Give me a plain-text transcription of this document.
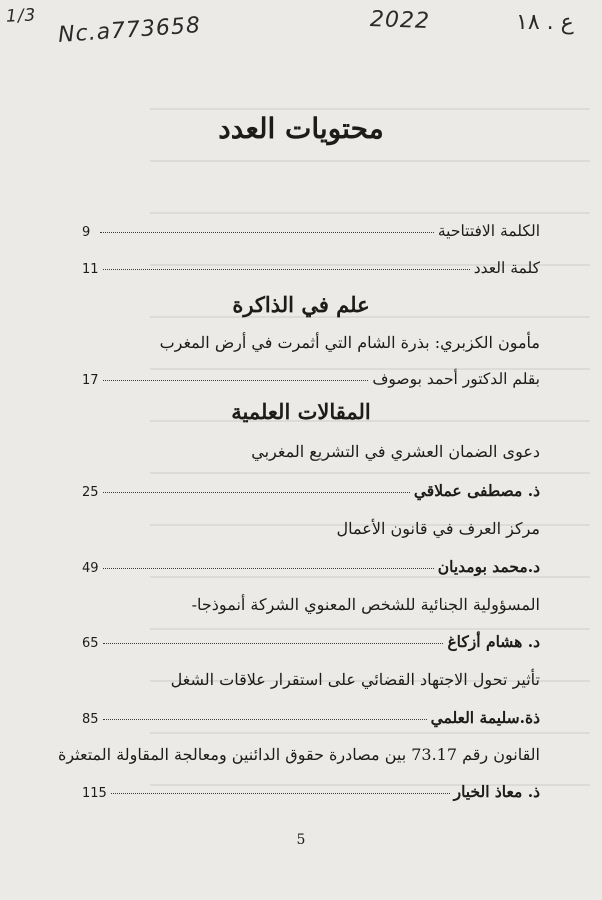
1/3 Nc.a773658	2022	ع . ١٨
محتويات العدد
الكلمة الافتتاحية
9
كلمة العدد
11
علم في الذاكرة
مأمون الكزبري: بذرة الشام التي أثمرت في أرض المغرب
بقلم الدكتور أحمد بوصوف
17
المقالات العلمية
دعوى الضمان العشري في التشريع المغربي
ذ. مصطفى عملاقي
25
مركز العرف في قانون الأعمال
د.محمد بومديان
49
المسؤولية الجنائية للشخص المعنوي الشركة أنموذجا-
د. هشام أزكاغ
65
تأثير تحول الاجتهاد القضائي على استقرار علاقات الشغل
ذة.سليمة العلمي
85
القانون رقم 73.17 بين مصادرة حقوق الدائنين ومعالجة المقاولة المتعثرة
ذ. معاذ الخيار
115
5
